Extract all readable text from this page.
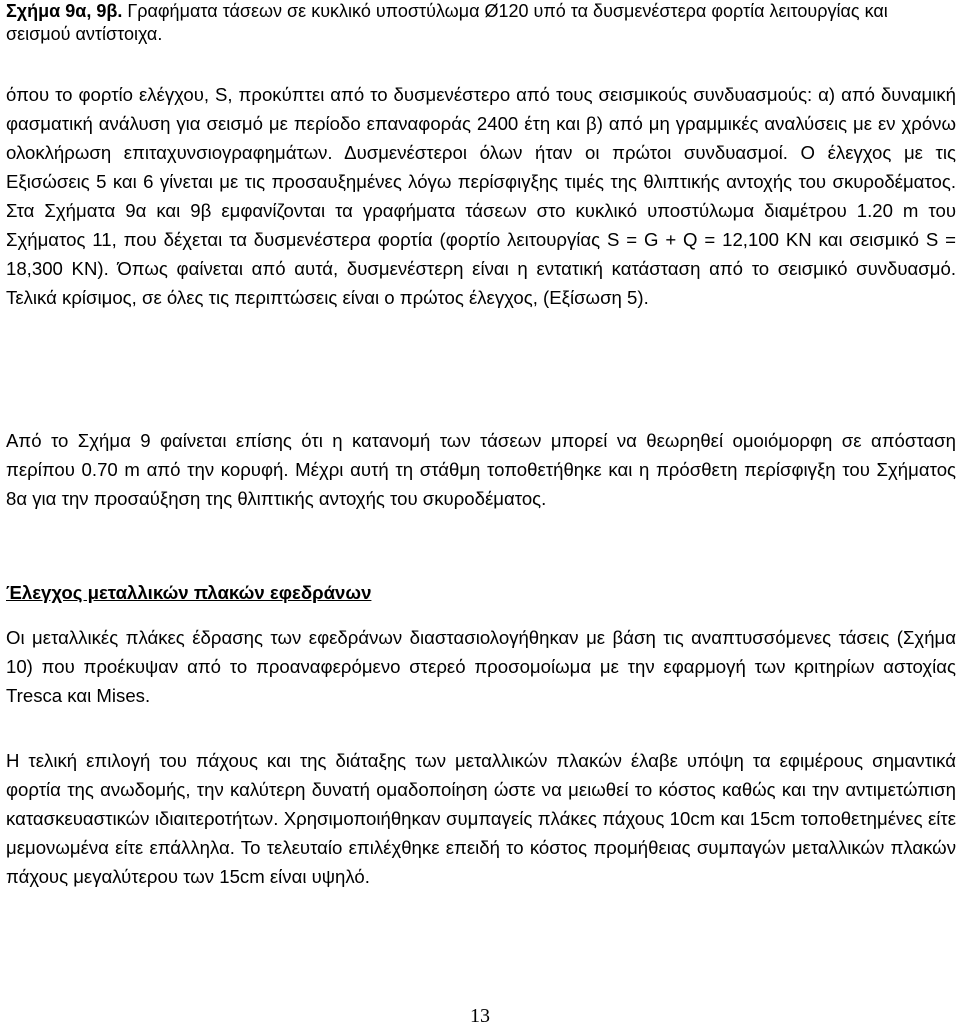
Σχήμα 9α, 9β. Γραφήματα τάσεων σε κυκλικό υποστύλωμα Ø120 υπό τα δυσμενέστερα φορτία λειτουργίας και σεισμού αντίστοιχα.

όπου το φορτίο ελέγχου, S, προκύπτει από το δυσμενέστερο από τους σεισμικούς συνδυασμούς: α) από δυναμική φασματική ανάλυση για σεισμό με περίοδο επαναφοράς 2400 έτη και β) από μη γραμμικές αναλύσεις με εν χρόνω ολοκλήρωση επιταχυνσιογραφημάτων. Δυσμενέστεροι όλων ήταν οι πρώτοι συνδυασμοί. Ο έλεγχος με τις Εξισώσεις 5 και 6 γίνεται με τις προσαυξημένες λόγω περίσφιγξης τιμές της θλιπτικής αντοχής του σκυροδέματος. Στα Σχήματα 9α και 9β εμφανίζονται τα γραφήματα τάσεων στο κυκλικό υποστύλωμα διαμέτρου 1.20 m του Σχήματος 11, που δέχεται τα δυσμενέστερα φορτία (φορτίο λειτουργίας S = G + Q = 12,100 KN και σεισμικό S = 18,300 KN). Όπως φαίνεται από αυτά, δυσμενέστερη είναι η εντατική κατάσταση από το σεισμικό συνδυασμό. Τελικά κρίσιμος, σε όλες τις περιπτώσεις είναι ο πρώτος έλεγχος, (Εξίσωση 5).

Από το Σχήμα 9 φαίνεται επίσης ότι η κατανομή των τάσεων μπορεί να θεωρηθεί ομοιόμορφη σε απόσταση περίπου 0.70 m από την κορυφή. Μέχρι αυτή τη στάθμη τοποθετήθηκε και η πρόσθετη περίσφιγξη του Σχήματος 8α για την προσαύξηση της θλιπτικής αντοχής του σκυροδέματος.

Έλεγχος μεταλλικών πλακών εφεδράνων

Οι μεταλλικές πλάκες έδρασης των εφεδράνων διαστασιολογήθηκαν με βάση τις αναπτυσσόμενες τάσεις (Σχήμα 10) που προέκυψαν από το προαναφερόμενο στερεό προσομοίωμα με την εφαρμογή των κριτηρίων αστοχίας Tresca και Mises.

Η τελική επιλογή του πάχους και της διάταξης των μεταλλικών πλακών έλαβε υπόψη τα εφιμέρους σημαντικά φορτία της ανωδομής, την καλύτερη δυνατή ομαδοποίηση ώστε να μειωθεί το κόστος καθώς και την αντιμετώπιση κατασκευαστικών ιδιαιτεροτήτων. Χρησιμοποιήθηκαν συμπαγείς πλάκες πάχους 10cm και 15cm τοποθετημένες είτε μεμονωμένα είτε επάλληλα. Το τελευταίο επιλέχθηκε επειδή το κόστος προμήθειας συμπαγών μεταλλικών πλακών πάχους μεγαλύτερου των 15cm είναι υψηλό.

13
